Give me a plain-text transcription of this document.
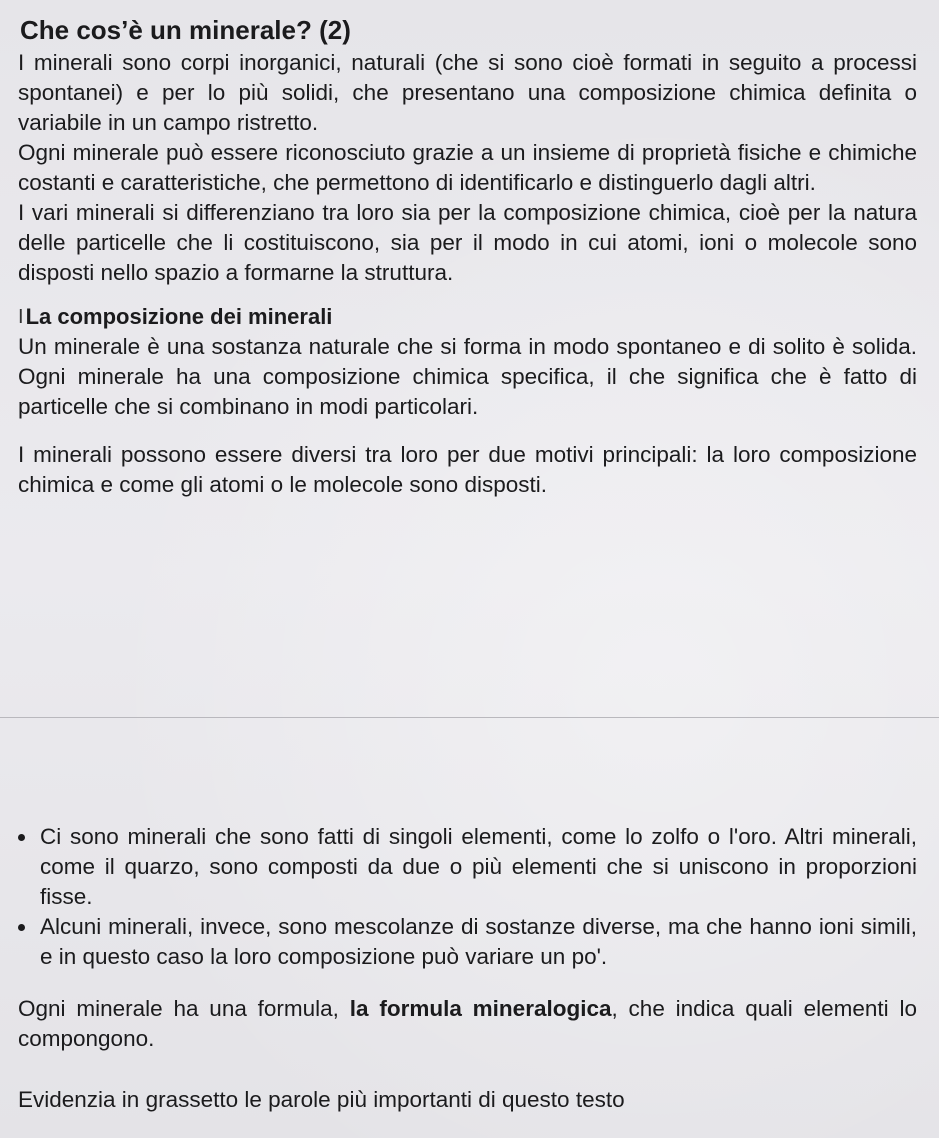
Che cos’è un minerale? (2)

I minerali sono corpi inorganici, naturali (che si sono cioè formati in seguito a processi spontanei) e per lo più solidi, che presentano una composizione chimica definita o variabile in un campo ristretto.

Ogni minerale può essere riconosciuto grazie a un insieme di proprietà fisiche e chimiche costanti e caratteristiche, che permettono di identificarlo e distinguerlo dagli altri.

I vari minerali si differenziano tra loro sia per la composizione chimica, cioè per la natura delle particelle che li costituiscono, sia per il modo in cui atomi, ioni o molecole sono disposti nello spazio a formarne la struttura.

I La composizione dei minerali

Un minerale è una sostanza naturale che si forma in modo spontaneo e di solito è solida. Ogni minerale ha una composizione chimica specifica, il che significa che è fatto di particelle che si combinano in modi particolari.

I minerali possono essere diversi tra loro per due motivi principali: la loro composizione chimica e come gli atomi o le molecole sono disposti.

Ci sono minerali che sono fatti di singoli elementi, come lo zolfo o l'oro. Altri minerali, come il quarzo, sono composti da due o più elementi che si uniscono in proporzioni fisse.
Alcuni minerali, invece, sono mescolanze di sostanze diverse, ma che hanno ioni simili, e in questo caso la loro composizione può variare un po'.

Ogni minerale ha una formula, la formula mineralogica, che indica quali elementi lo compongono.

Evidenzia in grassetto le parole più importanti di questo testo
